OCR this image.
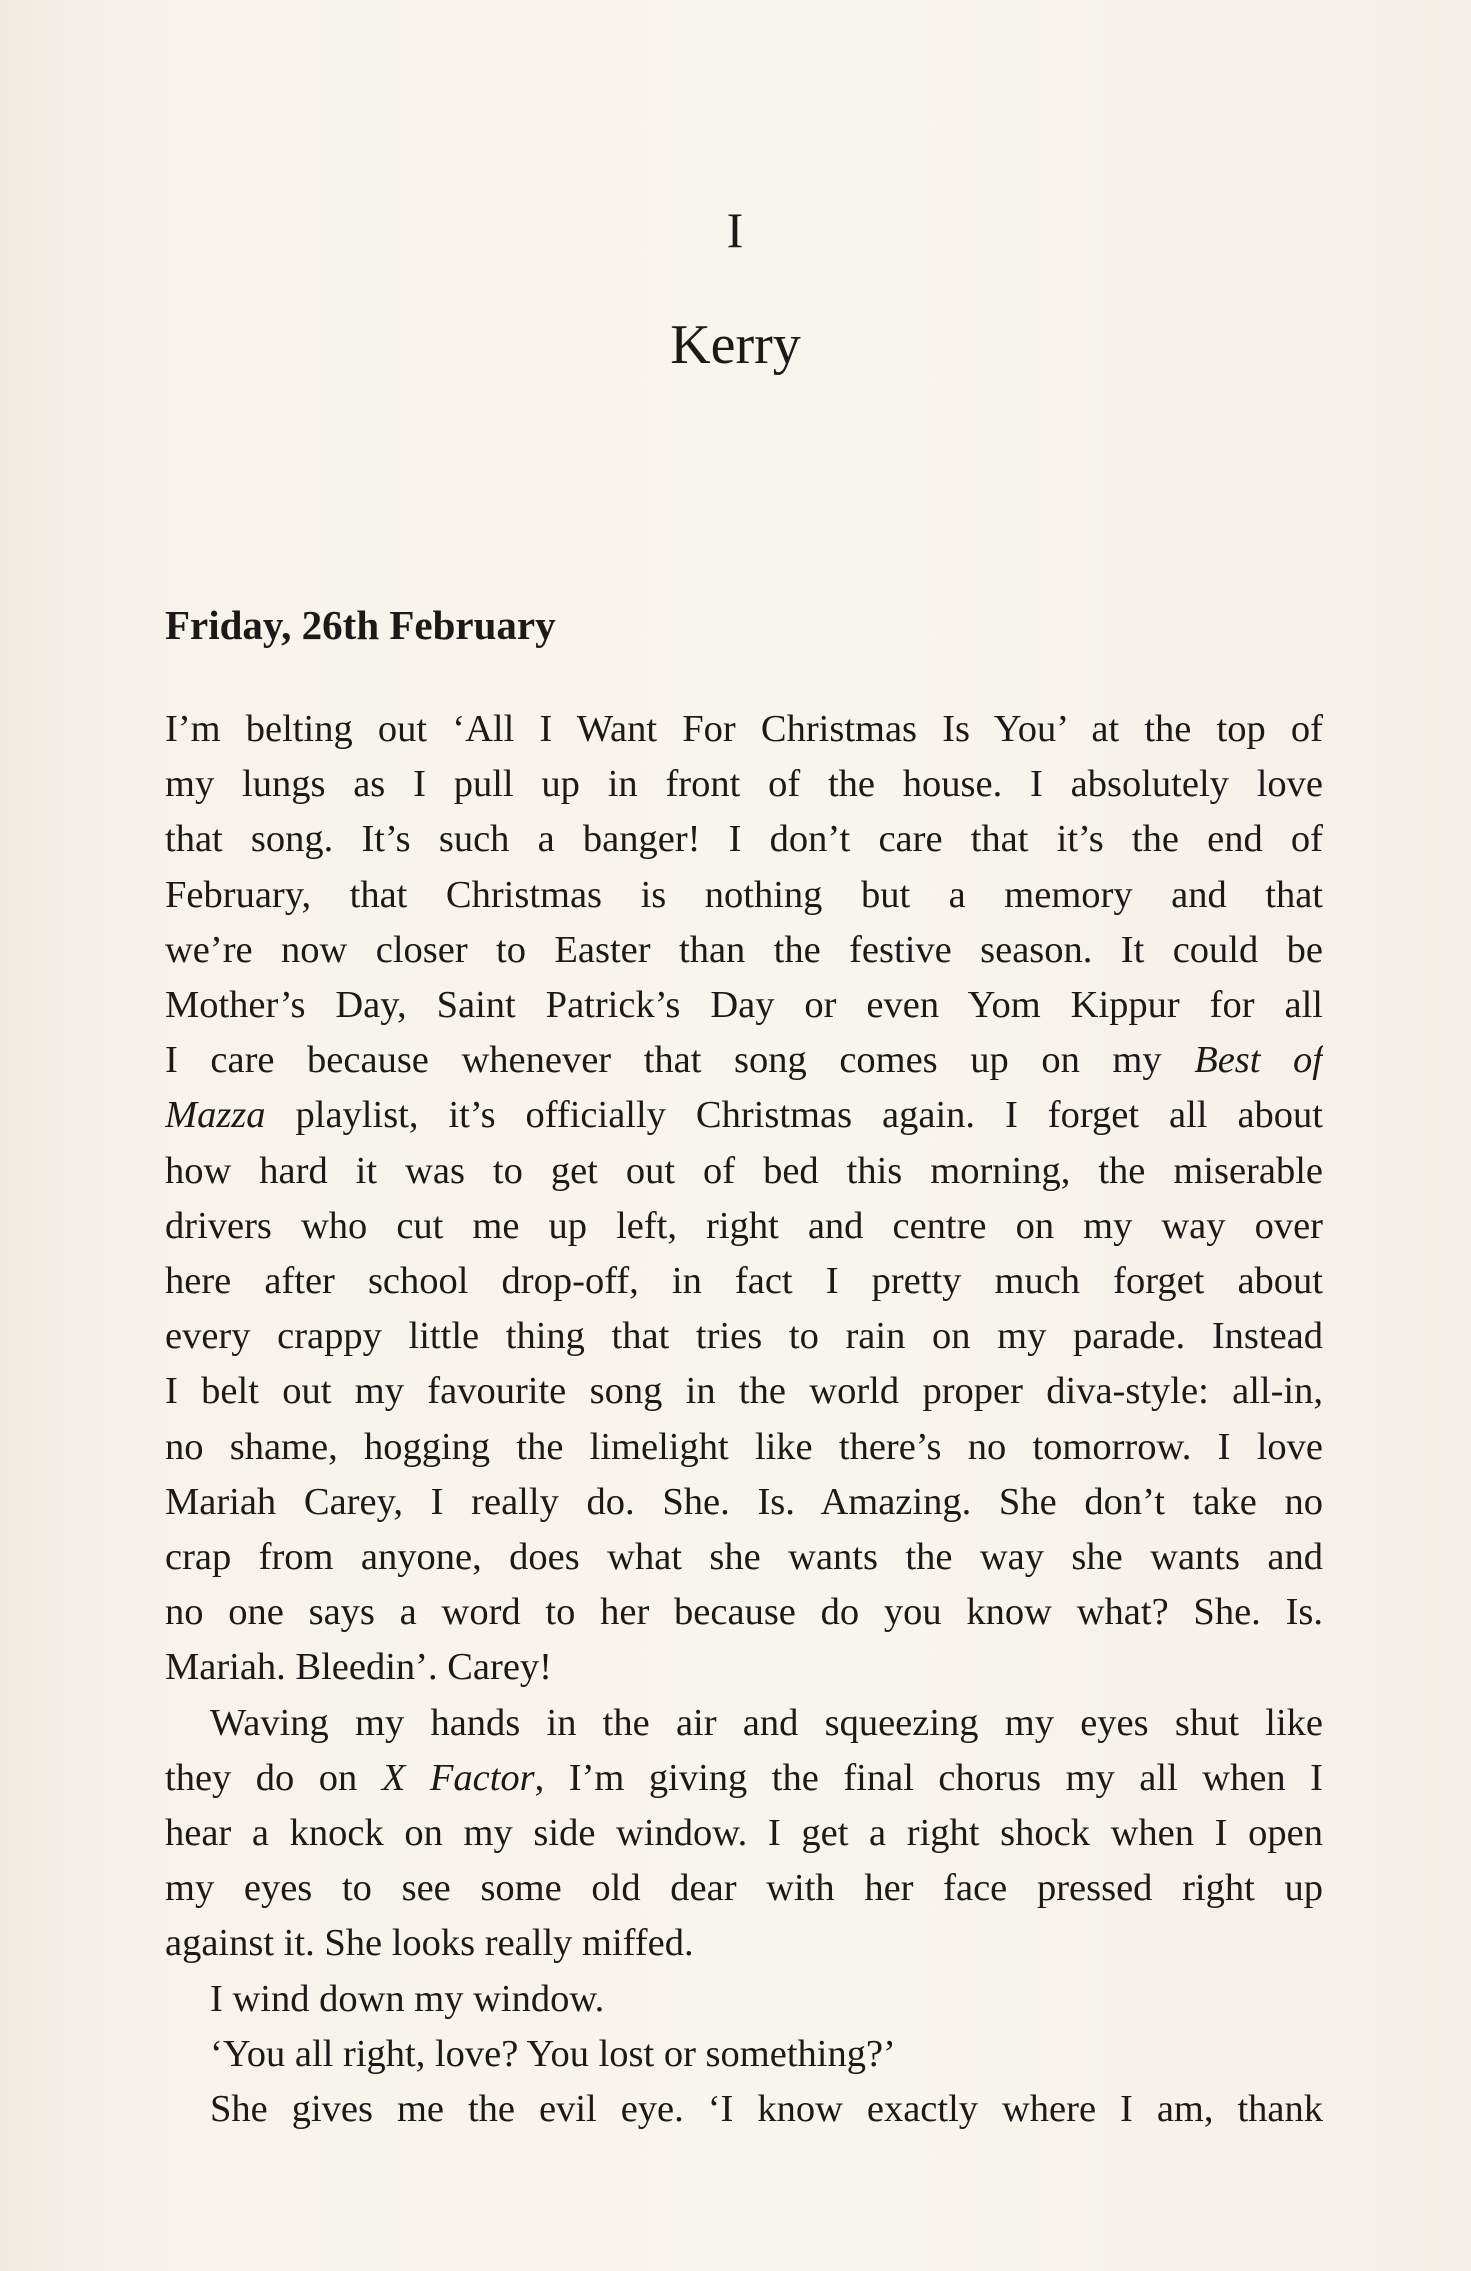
I
Kerry
Friday, 26th February
I’m belting out ‘All I Want For Christmas Is You’ at the top of
my lungs as I pull up in front of the house. I absolutely love
that song. It’s such a banger! I don’t care that it’s the end of
February, that Christmas is nothing but a memory and that
we’re now closer to Easter than the festive season. It could be
Mother’s Day, Saint Patrick’s Day or even Yom Kippur for all
I care because whenever that song comes up on my Best of
Mazza playlist, it’s officially Christmas again. I forget all about
how hard it was to get out of bed this morning, the miserable
drivers who cut me up left, right and centre on my way over
here after school drop-off, in fact I pretty much forget about
every crappy little thing that tries to rain on my parade. Instead
I belt out my favourite song in the world proper diva-style: all-in,
no shame, hogging the limelight like there’s no tomorrow. I love
Mariah Carey, I really do. She. Is. Amazing. She don’t take no
crap from anyone, does what she wants the way she wants and
no one says a word to her because do you know what? She. Is.
Mariah. Bleedin’. Carey!
Waving my hands in the air and squeezing my eyes shut like
they do on X Factor, I’m giving the final chorus my all when I
hear a knock on my side window. I get a right shock when I open
my eyes to see some old dear with her face pressed right up
against it. She looks really miffed.
I wind down my window.
‘You all right, love? You lost or something?’
She gives me the evil eye. ‘I know exactly where I am, thank
